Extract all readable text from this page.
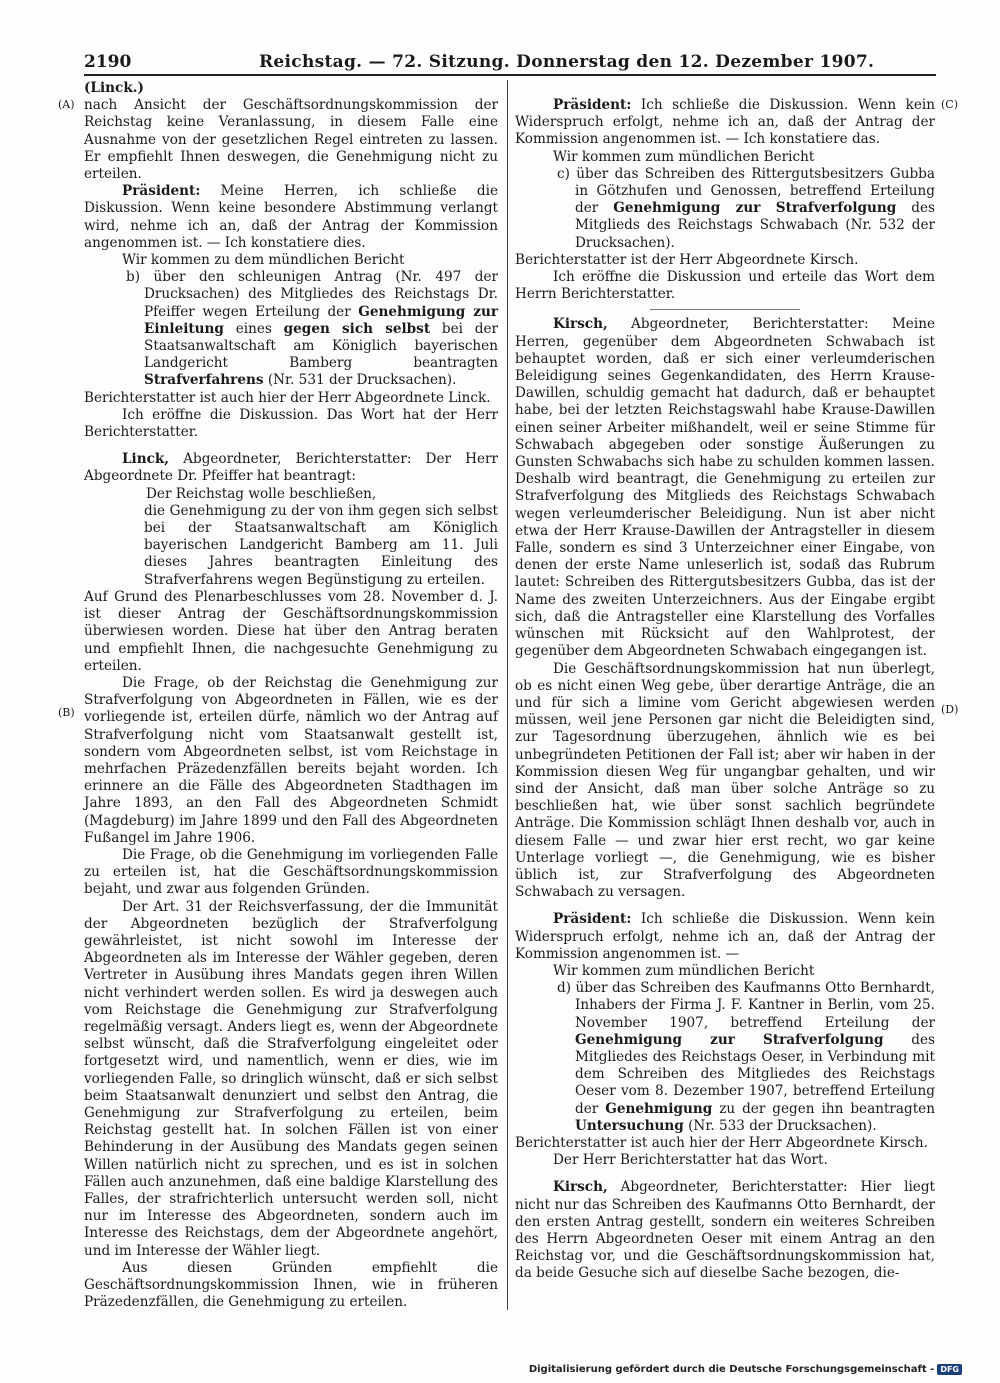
2190	Reichstag. — 72. Sitzung. Donnerstag den 12. Dezember 1907.
(A)
(B)
(C)
(D)

(Linck.)

nach Ansicht der Geschäftsordnungskommission der Reichstag keine Veranlassung, in diesem Falle eine Ausnahme von der gesetzlichen Regel eintreten zu lassen. Er empfiehlt Ihnen deswegen, die Genehmigung nicht zu erteilen.

Präsident: Meine Herren, ich schließe die Diskussion. Wenn keine besondere Abstimmung verlangt wird, nehme ich an, daß der Antrag der Kommission angenommen ist. — Ich konstatiere dies.

Wir kommen zu dem mündlichen Bericht

b) über den schleunigen Antrag (Nr. 497 der Drucksachen) des Mitgliedes des Reichstags Dr. Pfeiffer wegen Erteilung der Genehmigung zur Einleitung eines gegen sich selbst bei der Staatsanwaltschaft am Königlich bayerischen Landgericht Bamberg beantragten Strafverfahrens (Nr. 531 der Drucksachen).

Berichterstatter ist auch hier der Herr Abgeordnete Linck.

Ich eröffne die Diskussion. Das Wort hat der Herr Berichterstatter.

Linck, Abgeordneter, Berichterstatter: Der Herr Abgeordnete Dr. Pfeiffer hat beantragt:

Der Reichstag wolle beschließen,

die Genehmigung zu der von ihm gegen sich selbst bei der Staatsanwaltschaft am Königlich bayerischen Landgericht Bamberg am 11. Juli dieses Jahres beantragten Einleitung des Strafverfahrens wegen Begünstigung zu erteilen.

Auf Grund des Plenarbeschlusses vom 28. November d. J. ist dieser Antrag der Geschäftsordnungskommission überwiesen worden. Diese hat über den Antrag beraten und empfiehlt Ihnen, die nachgesuchte Genehmigung zu erteilen.

Die Frage, ob der Reichstag die Genehmigung zur Strafverfolgung von Abgeordneten in Fällen, wie es der vorliegende ist, erteilen dürfe, nämlich wo der Antrag auf Strafverfolgung nicht vom Staatsanwalt gestellt ist, sondern vom Abgeordneten selbst, ist vom Reichstage in mehrfachen Präzedenzfällen bereits bejaht worden. Ich erinnere an die Fälle des Abgeordneten Stadthagen im Jahre 1893, an den Fall des Abgeordneten Schmidt (Magdeburg) im Jahre 1899 und den Fall des Abgeordneten Fußangel im Jahre 1906.

Die Frage, ob die Genehmigung im vorliegenden Falle zu erteilen ist, hat die Geschäftsordnungskommission bejaht, und zwar aus folgenden Gründen.

Der Art. 31 der Reichsverfassung, der die Immunität der Abgeordneten bezüglich der Strafverfolgung gewährleistet, ist nicht sowohl im Interesse der Abgeordneten als im Interesse der Wähler gegeben, deren Vertreter in Ausübung ihres Mandats gegen ihren Willen nicht verhindert werden sollen. Es wird ja deswegen auch vom Reichstage die Genehmigung zur Strafverfolgung regelmäßig versagt. Anders liegt es, wenn der Abgeordnete selbst wünscht, daß die Strafverfolgung eingeleitet oder fortgesetzt wird, und namentlich, wenn er dies, wie im vorliegenden Falle, so dringlich wünscht, daß er sich selbst beim Staatsanwalt denunziert und selbst den Antrag, die Genehmigung zur Strafverfolgung zu erteilen, beim Reichstag gestellt hat. In solchen Fällen ist von einer Behinderung in der Ausübung des Mandats gegen seinen Willen natürlich nicht zu sprechen, und es ist in solchen Fällen auch anzunehmen, daß eine baldige Klarstellung des Falles, der strafrichterlich untersucht werden soll, nicht nur im Interesse des Abgeordneten, sondern auch im Interesse des Reichstags, dem der Abgeordnete angehört, und im Interesse der Wähler liegt.

Aus diesen Gründen empfiehlt die Geschäftsordnungskommission Ihnen, wie in früheren Präzedenzfällen, die Genehmigung zu erteilen.

Präsident: Ich schließe die Diskussion. Wenn kein Widerspruch erfolgt, nehme ich an, daß der Antrag der Kommission angenommen ist. — Ich konstatiere das.

Wir kommen zum mündlichen Bericht

c) über das Schreiben des Rittergutsbesitzers Gubba in Götzhufen und Genossen, betreffend Erteilung der Genehmigung zur Strafverfolgung des Mitglieds des Reichstags Schwabach (Nr. 532 der Drucksachen).

Berichterstatter ist der Herr Abgeordnete Kirsch.

Ich eröffne die Diskussion und erteile das Wort dem Herrn Berichterstatter.

Kirsch, Abgeordneter, Berichterstatter: Meine Herren, gegenüber dem Abgeordneten Schwabach ist behauptet worden, daß er sich einer verleumderischen Beleidigung seines Gegenkandidaten, des Herrn Krause-Dawillen, schuldig gemacht hat dadurch, daß er behauptet habe, bei der letzten Reichstagswahl habe Krause-Dawillen einen seiner Arbeiter mißhandelt, weil er seine Stimme für Schwabach abgegeben oder sonstige Äußerungen zu Gunsten Schwabachs sich habe zu schulden kommen lassen. Deshalb wird beantragt, die Genehmigung zu erteilen zur Strafverfolgung des Mitglieds des Reichstags Schwabach wegen verleumderischer Beleidigung. Nun ist aber nicht etwa der Herr Krause-Dawillen der Antragsteller in diesem Falle, sondern es sind 3 Unterzeichner einer Eingabe, von denen der erste Name unleserlich ist, sodaß das Rubrum lautet: Schreiben des Rittergutsbesitzers Gubba, das ist der Name des zweiten Unterzeichners. Aus der Eingabe ergibt sich, daß die Antragsteller eine Klarstellung des Vorfalles wünschen mit Rücksicht auf den Wahlprotest, der gegenüber dem Abgeordneten Schwabach eingegangen ist.

Die Geschäftsordnungskommission hat nun überlegt, ob es nicht einen Weg gebe, über derartige Anträge, die an und für sich a limine vom Gericht abgewiesen werden müssen, weil jene Personen gar nicht die Beleidigten sind, zur Tagesordnung überzugehen, ähnlich wie es bei unbegründeten Petitionen der Fall ist; aber wir haben in der Kommission diesen Weg für ungangbar gehalten, und wir sind der Ansicht, daß man über solche Anträge so zu beschließen hat, wie über sonst sachlich begründete Anträge. Die Kommission schlägt Ihnen deshalb vor, auch in diesem Falle — und zwar hier erst recht, wo gar keine Unterlage vorliegt —, die Genehmigung, wie es bisher üblich ist, zur Strafverfolgung des Abgeordneten Schwabach zu versagen.

Präsident: Ich schließe die Diskussion. Wenn kein Widerspruch erfolgt, nehme ich an, daß der Antrag der Kommission angenommen ist. —

Wir kommen zum mündlichen Bericht

d) über das Schreiben des Kaufmanns Otto Bernhardt, Inhabers der Firma J. F. Kantner in Berlin, vom 25. November 1907, betreffend Erteilung der Genehmigung zur Strafverfolgung des Mitgliedes des Reichstags Oeser, in Verbindung mit dem Schreiben des Mitgliedes des Reichstags Oeser vom 8. Dezember 1907, betreffend Erteilung der Genehmigung zu der gegen ihn beantragten Untersuchung (Nr. 533 der Drucksachen).

Berichterstatter ist auch hier der Herr Abgeordnete Kirsch.

Der Herr Berichterstatter hat das Wort.

Kirsch, Abgeordneter, Berichterstatter: Hier liegt nicht nur das Schreiben des Kaufmanns Otto Bernhardt, der den ersten Antrag gestellt, sondern ein weiteres Schreiben des Herrn Abgeordneten Oeser mit einem Antrag an den Reichstag vor, und die Geschäftsordnungskommission hat, da beide Gesuche sich auf dieselbe Sache bezogen, die-

Digitalisierung gefördert durch die Deutsche Forschungsgemeinschaft - DFG
